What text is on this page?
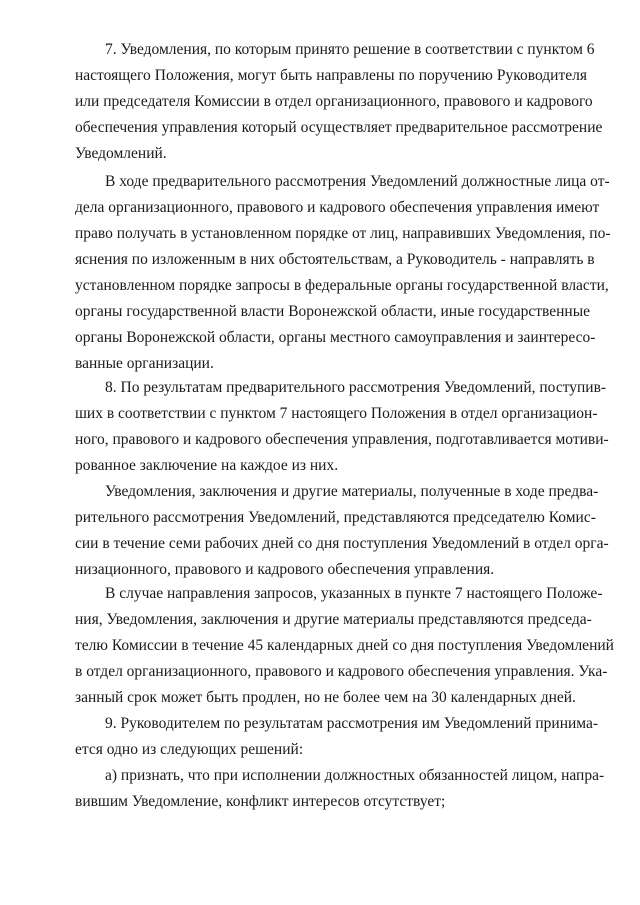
7. Уведомления, по которым принято решение в соответствии с пунктом 6
настоящего Положения, могут быть направлены по поручению Руководителя
или председателя Комиссии в отдел организационного, правового и кадрового
обеспечения управления который осуществляет предварительное рассмотрение
Уведомлений.
В ходе предварительного рассмотрения Уведомлений должностные лица от-
дела организационного, правового и кадрового обеспечения управления имеют
право получать в установленном порядке от лиц, направивших Уведомления, по-
яснения по изложенным в них обстоятельствам, а Руководитель - направлять в
установленном порядке запросы в федеральные органы государственной власти,
органы государственной власти Воронежской области, иные государственные
органы Воронежской области, органы местного самоуправления и заинтересо-
ванные организации.
8. По результатам предварительного рассмотрения Уведомлений, поступив-
ших в соответствии с пунктом 7 настоящего Положения в отдел организацион-
ного, правового и кадрового обеспечения управления, подготавливается мотиви-
рованное заключение на каждое из них.
Уведомления, заключения и другие материалы, полученные в ходе предва-
рительного рассмотрения Уведомлений, представляются председателю Комис-
сии в течение семи рабочих дней со дня поступления Уведомлений в отдел орга-
низационного, правового и кадрового обеспечения управления.
В случае направления запросов, указанных в пункте 7 настоящего Положе-
ния, Уведомления, заключения и другие материалы представляются председа-
телю Комиссии в течение 45 календарных дней со дня поступления Уведомлений
в отдел организационного, правового и кадрового обеспечения управления. Ука-
занный срок может быть продлен, но не более чем на 30 календарных дней.
9. Руководителем по результатам рассмотрения им Уведомлений принима-
ется одно из следующих решений:
а) признать, что при исполнении должностных обязанностей лицом, напра-
вившим Уведомление, конфликт интересов отсутствует;
